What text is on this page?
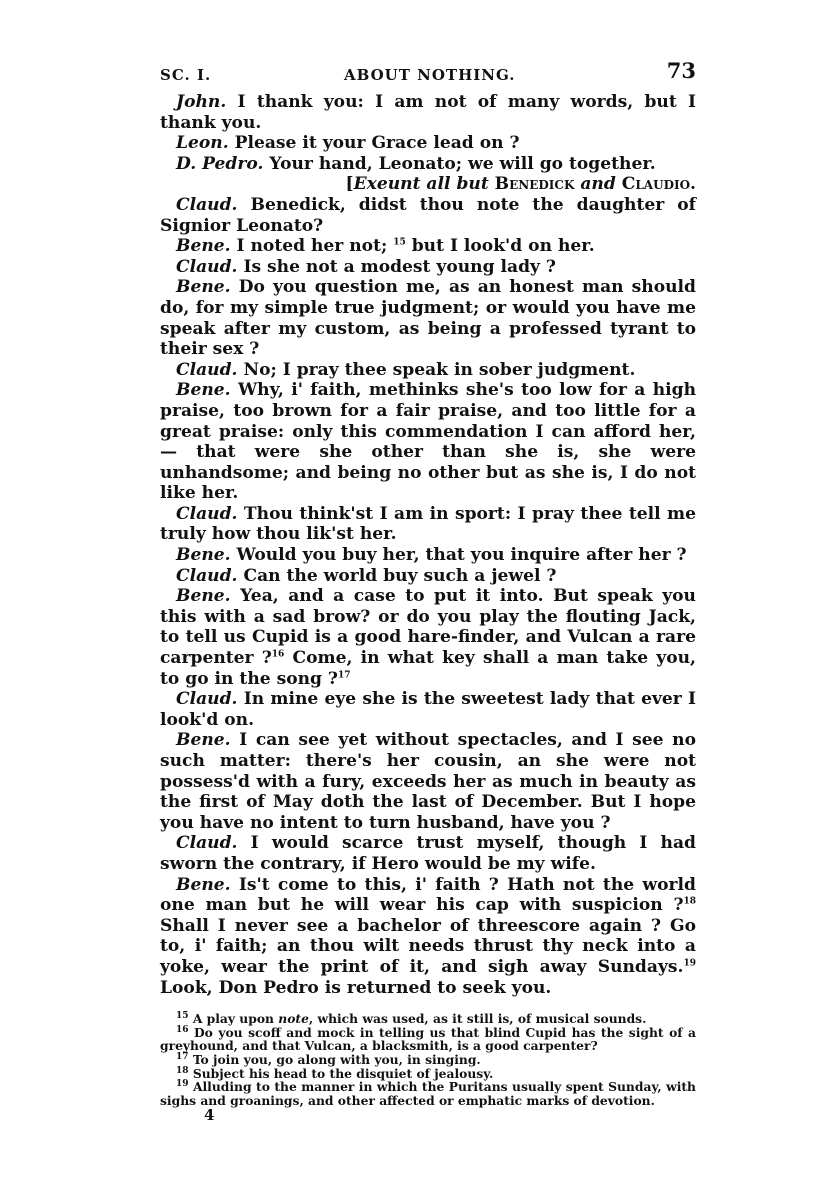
SC. I.	ABOUT NOTHING.	73

John. I thank you: I am not of many words, but I thank you.

Leon. Please it your Grace lead on ?

D. Pedro. Your hand, Leonato; we will go together.

[Exeunt all but Benedick and Claudio.

Claud. Benedick, didst thou note the daughter of Signior Leonato?

Bene. I noted her not; $^{15}$ but I look'd on her.

Claud. Is she not a modest young lady ?

Bene. Do you question me, as an honest man should do, for my simple true judgment; or would you have me speak after my custom, as being a professed tyrant to their sex ?

Claud. No; I pray thee speak in sober judgment.

Bene. Why, i' faith, methinks she's too low for a high praise, too brown for a fair praise, and too little for a great praise: only this commendation I can afford her, — that were she other than she is, she were unhandsome; and being no other but as she is, I do not like her.

Claud. Thou think'st I am in sport: I pray thee tell me truly how thou lik'st her.

Bene. Would you buy her, that you inquire after her ?

Claud. Can the world buy such a jewel ?

Bene. Yea, and a case to put it into. But speak you this with a sad brow? or do you play the flouting Jack, to tell us Cupid is a good hare-finder, and Vulcan a rare carpenter ?$^{16}$ Come, in what key shall a man take you, to go in the song ?$^{17}$

Claud. In mine eye she is the sweetest lady that ever I look'd on.

Bene. I can see yet without spectacles, and I see no such matter: there's her cousin, an she were not possess'd with a fury, exceeds her as much in beauty as the first of May doth the last of December. But I hope you have no intent to turn husband, have you ?

Claud. I would scarce trust myself, though I had sworn the contrary, if Hero would be my wife.

Bene. Is't come to this, i' faith ? Hath not the world one man but he will wear his cap with suspicion ?$^{18}$ Shall I never see a bachelor of threescore again ? Go to, i' faith; an thou wilt needs thrust thy neck into a yoke, wear the print of it, and sigh away Sundays.$^{19}$ Look, Don Pedro is returned to seek you.

$^{15}$ A play upon note, which was used, as it still is, of musical sounds.

$^{16}$ Do you scoff and mock in telling us that blind Cupid has the sight of a greyhound, and that Vulcan, a blacksmith, is a good carpenter?

$^{17}$ To join you, go along with you, in singing.

$^{18}$ Subject his head to the disquiet of jealousy.

$^{19}$ Alluding to the manner in which the Puritans usually spent Sunday, with sighs and groanings, and other affected or emphatic marks of devotion.

4
